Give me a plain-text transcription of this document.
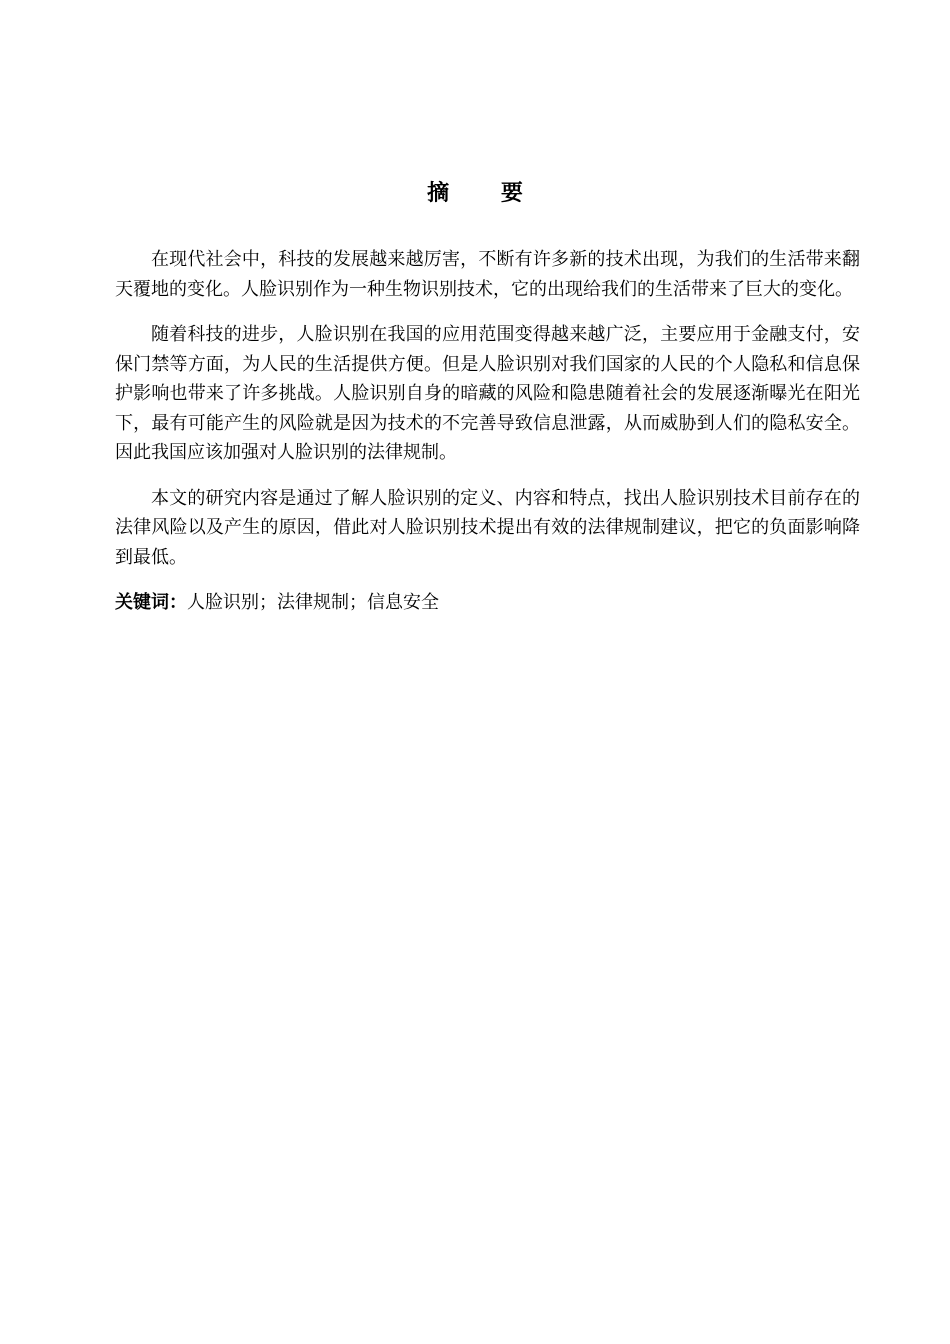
摘 要

在现代社会中，科技的发展越来越厉害，不断有许多新的技术出现，为我们的生活带来翻天覆地的变化。人脸识别作为一种生物识别技术，它的出现给我们的生活带来了巨大的变化。

随着科技的进步，人脸识别在我国的应用范围变得越来越广泛，主要应用于金融支付，安保门禁等方面，为人民的生活提供方便。但是人脸识别对我们国家的人民的个人隐私和信息保护影响也带来了许多挑战。人脸识别自身的暗藏的风险和隐患随着社会的发展逐渐曝光在阳光下，最有可能产生的风险就是因为技术的不完善导致信息泄露，从而威胁到人们的隐私安全。因此我国应该加强对人脸识别的法律规制。

本文的研究内容是通过了解人脸识别的定义、内容和特点，找出人脸识别技术目前存在的法律风险以及产生的原因，借此对人脸识别技术提出有效的法律规制建议，把它的负面影响降到最低。

关键词：人脸识别；法律规制；信息安全
